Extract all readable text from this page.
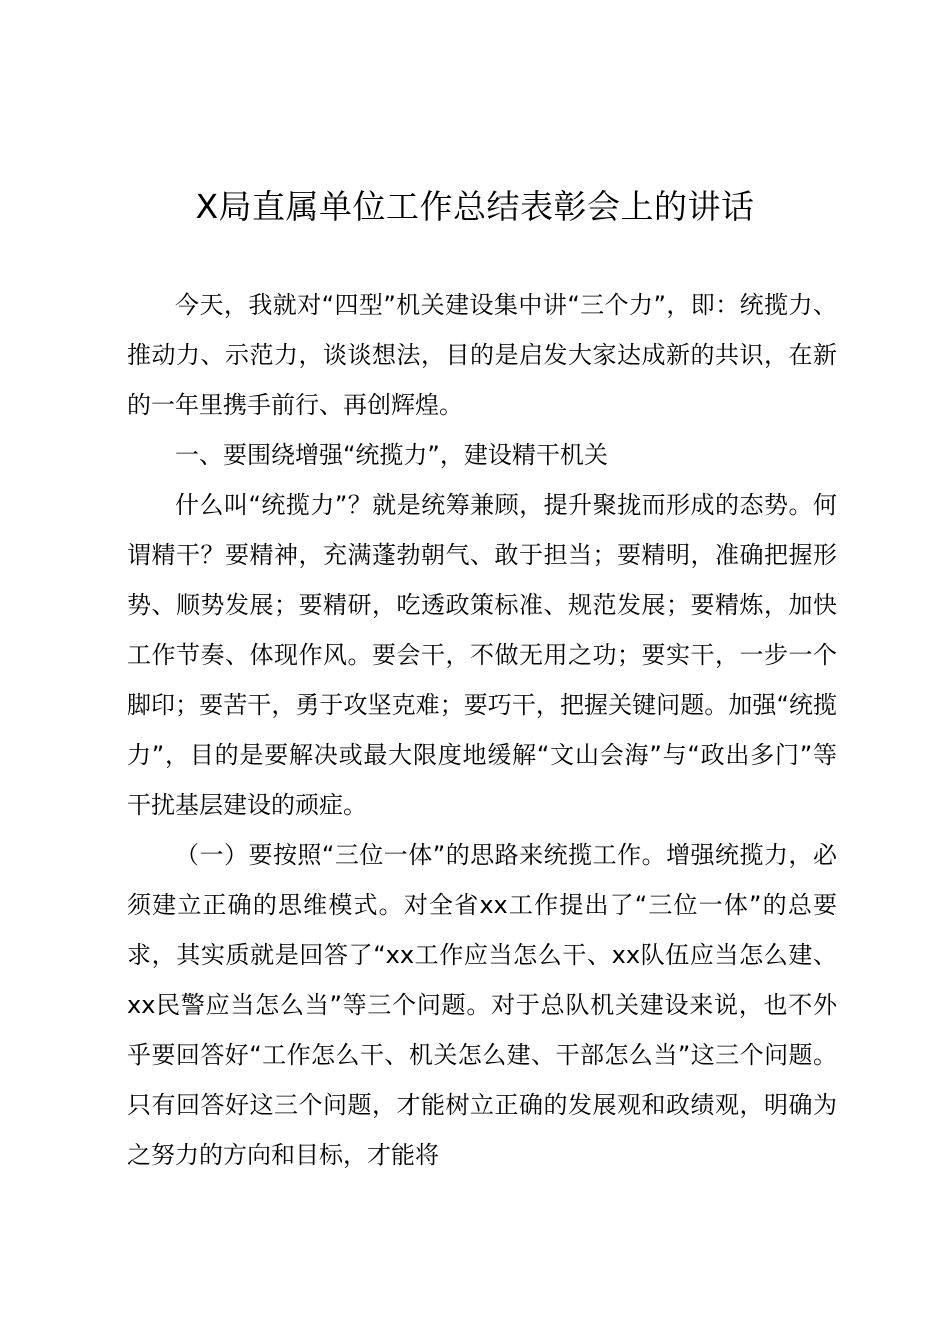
X局直属单位工作总结表彰会上的讲话

今天，我就对“四型”机关建设集中讲“三个力”，即：统揽力、推动力、示范力，谈谈想法，目的是启发大家达成新的共识，在新的一年里携手前行、再创辉煌。

一、要围绕增强“统揽力”，建设精干机关

什么叫“统揽力”？就是统筹兼顾，提升聚拢而形成的态势。何谓精干？要精神，充满蓬勃朝气、敢于担当；要精明，准确把握形势、顺势发展；要精研，吃透政策标准、规范发展；要精炼，加快工作节奏、体现作风。要会干，不做无用之功；要实干，一步一个脚印；要苦干，勇于攻坚克难；要巧干，把握关键问题。加强“统揽力”，目的是要解决或最大限度地缓解“文山会海”与“政出多门”等干扰基层建设的顽症。

（一）要按照“三位一体”的思路来统揽工作。增强统揽力，必须建立正确的思维模式。对全省xx工作提出了“三位一体”的总要求，其实质就是回答了“xx工作应当怎么干、xx队伍应当怎么建、xx民警应当怎么当”等三个问题。对于总队机关建设来说，也不外乎要回答好“工作怎么干、机关怎么建、干部怎么当”这三个问题。只有回答好这三个问题，才能树立正确的发展观和政绩观，明确为之努力的方向和目标，才能将
